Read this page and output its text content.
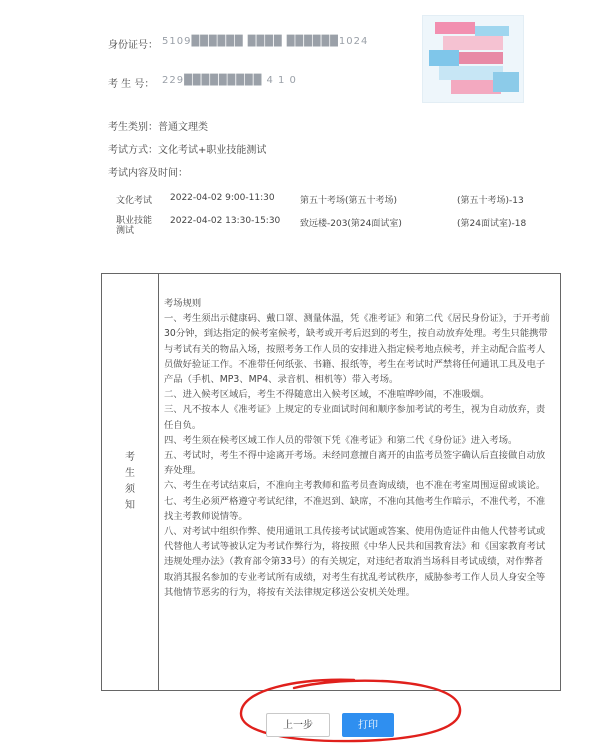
身份证号： 5109██████ ████ ██████1024
考 生 号： 229█████████ 4 1 0
考生类别：普通文理类
考试方式：文化考试+职业技能测试
考试内容及时间：
文化考试 2022-04-02 9:00-11:30	第五十考场(第五十考场)	(第五十考场)-13
职业技能
测试
2022-04-02 13:30-15:30 致远楼-203(第24面试室)	(第24面试室)-18
考
生
须
知

考场规则

一、考生须出示健康码、戴口罩、测量体温，凭《准考证》和第二代《居民身份证》，于开考前30分钟，到达指定的候考室候考，缺考或开考后迟到的考生，按自动放弃处理。考生只能携带与考试有关的物品入场，按照考务工作人员的安排进入指定候考地点候考，并主动配合监考人员做好验证工作。不准带任何纸张、书籍、报纸等，考生在考试时严禁将任何通讯工具及电子产品（手机、MP3、MP4、录音机、相机等）带入考场。

二、进入候考区域后，考生不得随意出入候考区域，不准喧哗吵闹，不准吸烟。

三、凡不按本人《准考证》上规定的专业面试时间和顺序参加考试的考生，视为自动放弃，责任自负。

四、考生须在候考区域工作人员的带领下凭《准考证》和第二代《身份证》进入考场。

五、考试时，考生不得中途离开考场。未经同意擅自离开的由监考员签字确认后直接做自动放弃处理。

六、考生在考试结束后，不准向主考教师和监考员查询成绩，也不准在考室周围逗留或谈论。

七、考生必须严格遵守考试纪律，不准迟到、缺席，不准向其他考生作暗示，不准代考，不准找主考教师说情等。

八、对考试中组织作弊、使用通讯工具传接考试试题或答案、使用伪造证件由他人代替考试或代替他人考试等被认定为考试作弊行为，将按照《中华人民共和国教育法》和《国家教育考试违规处理办法》（教育部令第33号）的有关规定，对违纪者取消当场科目考试成绩，对作弊者取消其报名参加的专业考试所有成绩，对考生有扰乱考试秩序，威胁参考工作人员人身安全等其他情节恶劣的行为，将按有关法律规定移送公安机关处理。

上一步	打印
